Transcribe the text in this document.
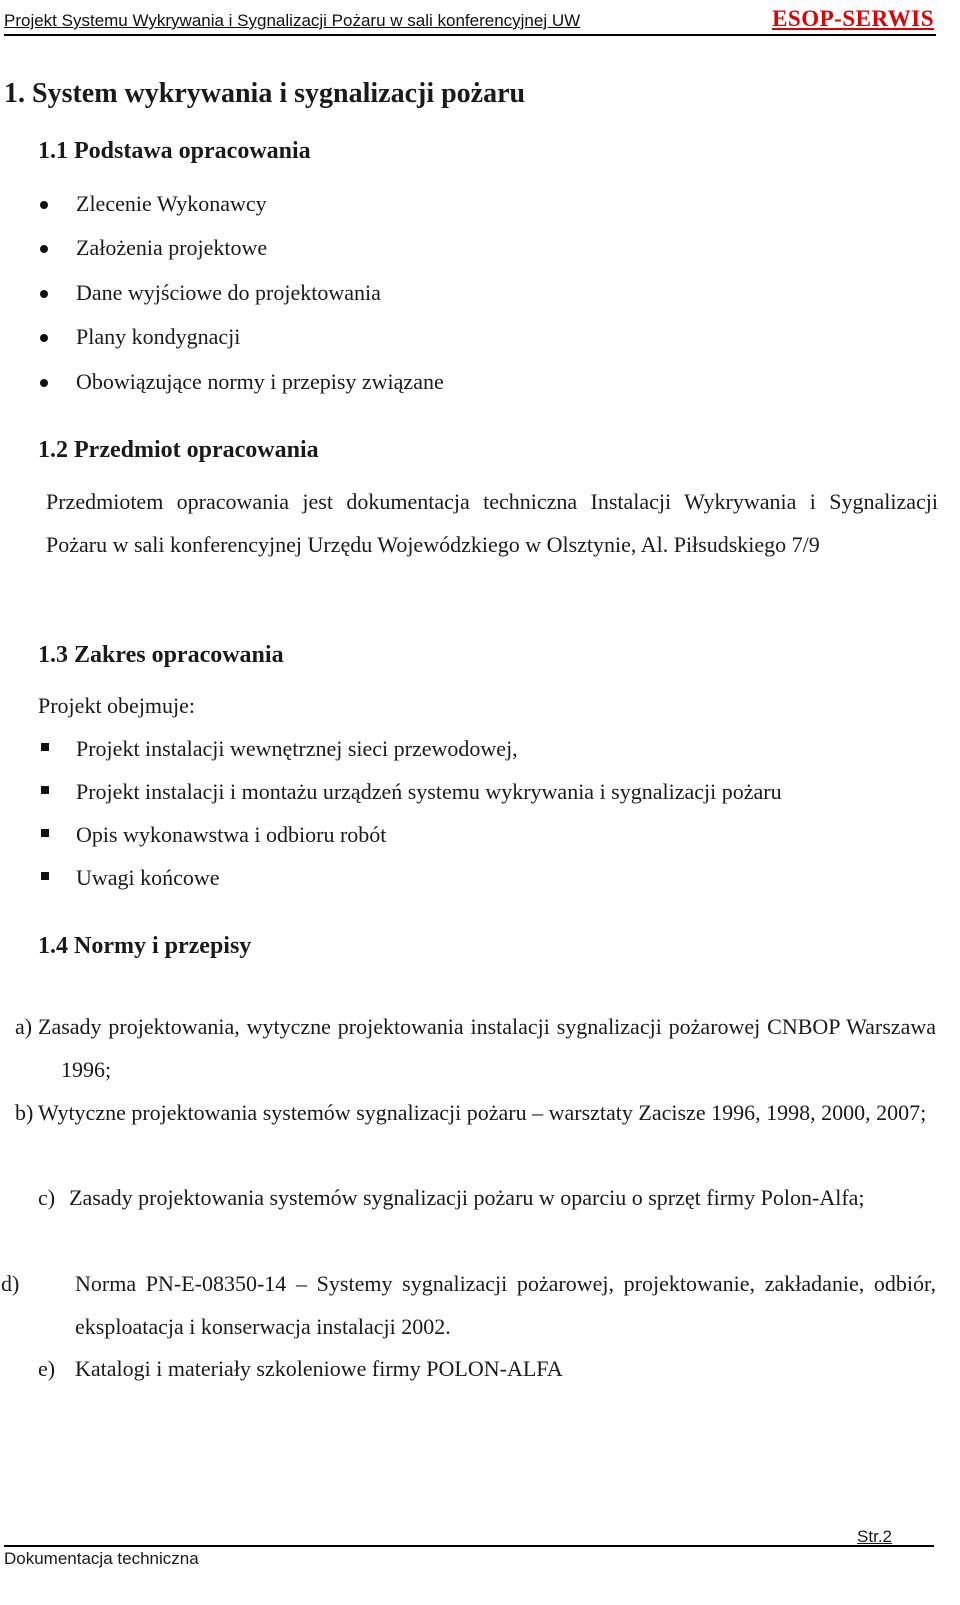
Projekt Systemu Wykrywania i Sygnalizacji Pożaru w sali konferencyjnej UW	ESOP-SERWIS
1. System wykrywania i sygnalizacji pożaru
1.1 Podstawa opracowania
Zlecenie Wykonawcy
Założenia projektowe
Dane wyjściowe do projektowania
Plany kondygnacji
Obowiązujące normy i przepisy związane
1.2 Przedmiot opracowania
Przedmiotem opracowania jest dokumentacja techniczna Instalacji Wykrywania i Sygnalizacji Pożaru w sali konferencyjnej Urzędu Wojewódzkiego w Olsztynie, Al. Piłsudskiego 7/9
1.3 Zakres opracowania
Projekt obejmuje:
Projekt instalacji wewnętrznej sieci przewodowej,
Projekt instalacji i montażu urządzeń systemu wykrywania i sygnalizacji pożaru
Opis wykonawstwa i odbioru robót
Uwagi końcowe
1.4 Normy i przepisy
a) Zasady projektowania, wytyczne projektowania instalacji sygnalizacji pożarowej CNBOP Warszawa 1996;
b) Wytyczne projektowania systemów sygnalizacji pożaru – warsztaty Zacisze 1996, 1998, 2000, 2007;
c) Zasady projektowania systemów sygnalizacji pożaru w oparciu o sprzęt firmy Polon-Alfa;
d)	Norma PN-E-08350-14 – Systemy sygnalizacji pożarowej, projektowanie, zakładanie, odbiór, eksploatacja i konserwacja instalacji 2002.
e) Katalogi i materiały szkoleniowe firmy POLON-ALFA
Str.2
Dokumentacja techniczna
